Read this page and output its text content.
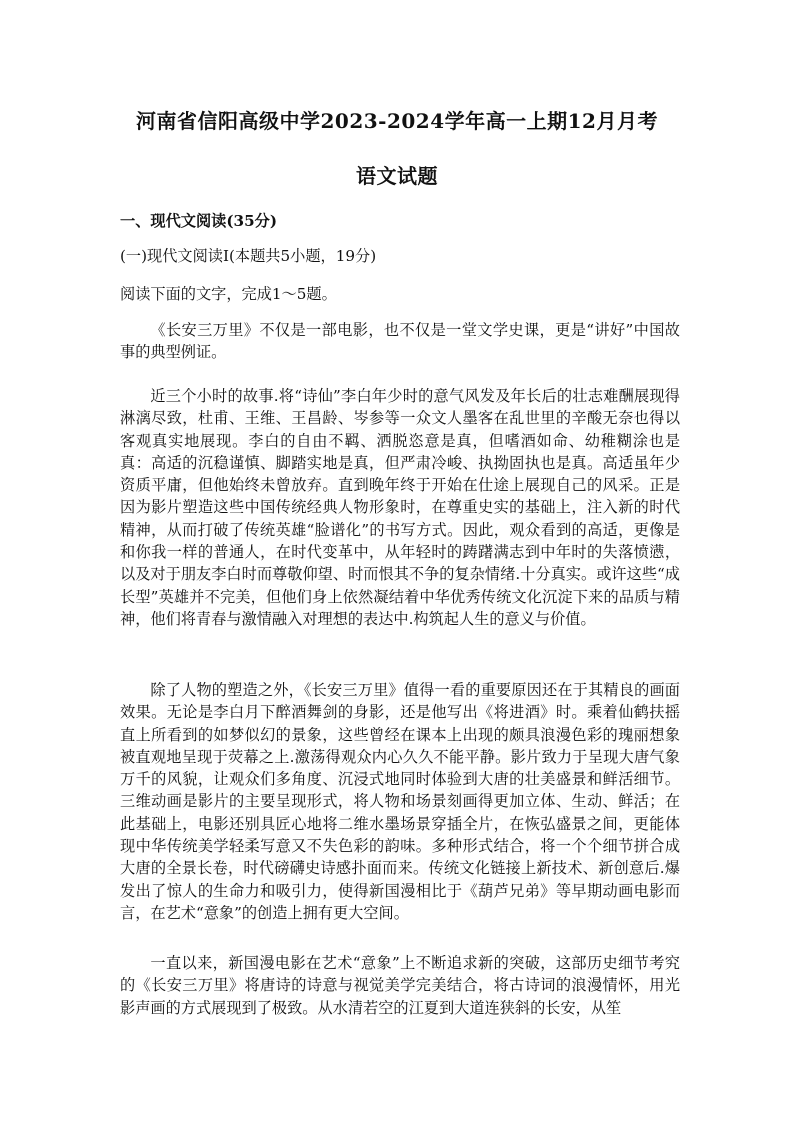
河南省信阳高级中学2023-2024学年高一上期12月月考
语文试题
一、现代文阅读(35分)
(一)现代文阅读I(本题共5小题，19分)
阅读下面的文字，完成1～5题。
《长安三万里》不仅是一部电影，也不仅是一堂文学史课，更是“讲好”中国故事的典型例证。
近三个小时的故事.将“诗仙”李白年少时的意气风发及年长后的壮志难酬展现得淋漓尽致，杜甫、王维、王昌龄、岑参等一众文人墨客在乱世里的辛酸无奈也得以客观真实地展现。李白的自由不羁、洒脱恣意是真，但嗜酒如命、幼稚糊涂也是真：高适的沉稳谨慎、脚踏实地是真，但严肃冷峻、执拗固执也是真。高适虽年少资质平庸，但他始终未曾放弃。直到晚年终于开始在仕途上展现自己的风采。正是因为影片塑造这些中国传统经典人物形象时，在尊重史实的基础上，注入新的时代精神，从而打破了传统英雄“脸谱化”的书写方式。因此，观众看到的高适，更像是和你我一样的普通人，在时代变革中，从年轻时的踌躇满志到中年时的失落愤懑，以及对于朋友李白时而尊敬仰望、时而恨其不争的复杂情绪.十分真实。或许这些“成长型”英雄并不完美，但他们身上依然凝结着中华优秀传统文化沉淀下来的品质与精神，他们将青春与激情融入对理想的表达中.构筑起人生的意义与价值。
除了人物的塑造之外，《长安三万里》值得一看的重要原因还在于其精良的画面效果。无论是李白月下醉酒舞剑的身影，还是他写出《将进酒》时。乘着仙鹤扶摇直上所看到的如梦似幻的景象，这些曾经在课本上出现的颇具浪漫色彩的瑰丽想象被直观地呈现于荧幕之上.激荡得观众内心久久不能平静。影片致力于呈现大唐气象万千的风貌，让观众们多角度、沉浸式地同时体验到大唐的壮美盛景和鲜活细节。三维动画是影片的主要呈现形式，将人物和场景刻画得更加立体、生动、鲜活；在此基础上，电影还别具匠心地将二维水墨场景穿插全片，在恢弘盛景之间，更能体现中华传统美学轻柔写意又不失色彩的韵味。多种形式结合，将一个个细节拼合成大唐的全景长卷，时代磅礴史诗感扑面而来。传统文化链接上新技术、新创意后.爆发出了惊人的生命力和吸引力，使得新国漫相比于《葫芦兄弟》等早期动画电影而言，在艺术“意象”的创造上拥有更大空间。
一直以来，新国漫电影在艺术“意象”上不断追求新的突破，这部历史细节考究的《长安三万里》将唐诗的诗意与视觉美学完美结合，将古诗词的浪漫情怀，用光影声画的方式展现到了极致。从水清若空的江夏到大道连狭斜的长安，从笙
